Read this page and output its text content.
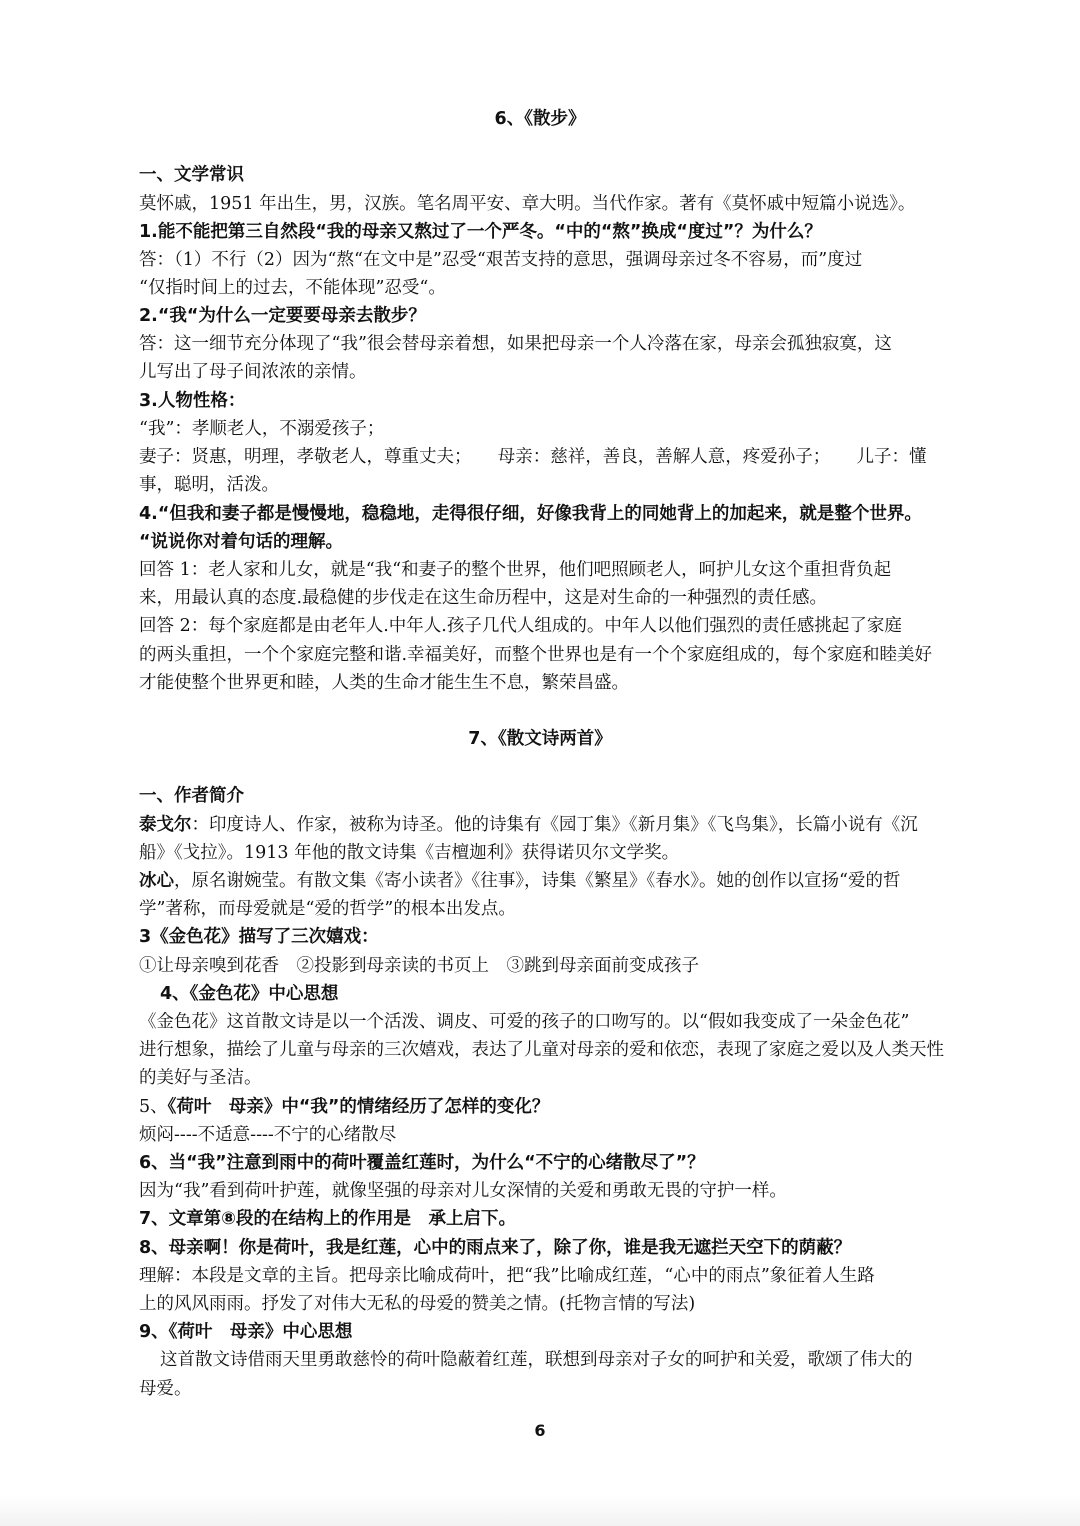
6、《散步》
一、文学常识
莫怀戚，1951 年出生，男，汉族。笔名周平安、章大明。当代作家。著有《莫怀戚中短篇小说选》。
1.能不能把第三自然段“我的母亲又熬过了一个严冬。“中的“熬”换成“度过”？为什么？
答：（1）不行（2）因为“熬“在文中是”忍受“艰苦支持的意思，强调母亲过冬不容易，而”度过
“仅指时间上的过去，不能体现”忍受“。
2.“我“为什么一定要要母亲去散步？
答：这一细节充分体现了“我”很会替母亲着想，如果把母亲一个人冷落在家，母亲会孤独寂寞，这
儿写出了母子间浓浓的亲情。
3.人物性格：
“我”：孝顺老人，不溺爱孩子；
妻子：贤惠，明理，孝敬老人，尊重丈夫；　　母亲：慈祥，善良，善解人意，疼爱孙子；　　儿子：懂
事，聪明，活泼。
4.“但我和妻子都是慢慢地，稳稳地，走得很仔细，好像我背上的同她背上的加起来，就是整个世界。
“说说你对着句话的理解。
回答 1：老人家和儿女，就是“我“和妻子的整个世界，他们吧照顾老人，呵护儿女这个重担背负起
来，用最认真的态度.最稳健的步伐走在这生命历程中，这是对生命的一种强烈的责任感。
回答 2：每个家庭都是由老年人.中年人.孩子几代人组成的。中年人以他们强烈的责任感挑起了家庭
的两头重担，一个个家庭完整和谐.幸福美好，而整个世界也是有一个个家庭组成的，每个家庭和睦美好
才能使整个世界更和睦，人类的生命才能生生不息，繁荣昌盛。
7、《散文诗两首》
一、作者简介
泰戈尔：印度诗人、作家，被称为诗圣。他的诗集有《园丁集》《新月集》《飞鸟集》，长篇小说有《沉
船》《戈拉》。1913 年他的散文诗集《吉檀迦利》获得诺贝尔文学奖。
冰心，原名谢婉莹。有散文集《寄小读者》《往事》，诗集《繁星》《春水》。她的创作以宣扬“爱的哲
学”著称，而母爱就是“爱的哲学”的根本出发点。
3《金色花》描写了三次嬉戏：
①让母亲嗅到花香　②投影到母亲读的书页上　③跳到母亲面前变成孩子
4、《金色花》中心思想
《金色花》这首散文诗是以一个活泼、调皮、可爱的孩子的口吻写的。以“假如我变成了一朵金色花”
进行想象，描绘了儿童与母亲的三次嬉戏，表达了儿童对母亲的爱和依恋，表现了家庭之爱以及人类天性
的美好与圣洁。
5、《荷叶　母亲》中“我”的情绪经历了怎样的变化？
烦闷----不适意----不宁的心绪散尽
6、当“我”注意到雨中的荷叶覆盖红莲时，为什么“不宁的心绪散尽了”？
因为“我”看到荷叶护莲，就像坚强的母亲对儿女深情的关爱和勇敢无畏的守护一样。
7、文章第⑧段的在结构上的作用是　承上启下。
8、母亲啊！你是荷叶，我是红莲，心中的雨点来了，除了你，谁是我无遮拦天空下的荫蔽？
理解：本段是文章的主旨。把母亲比喻成荷叶，把“我”比喻成红莲，“心中的雨点”象征着人生路
上的风风雨雨。抒发了对伟大无私的母爱的赞美之情。(托物言情的写法)
9、《荷叶　母亲》中心思想
这首散文诗借雨天里勇敢慈怜的荷叶隐蔽着红莲，联想到母亲对子女的呵护和关爱，歌颂了伟大的
母爱。
6
